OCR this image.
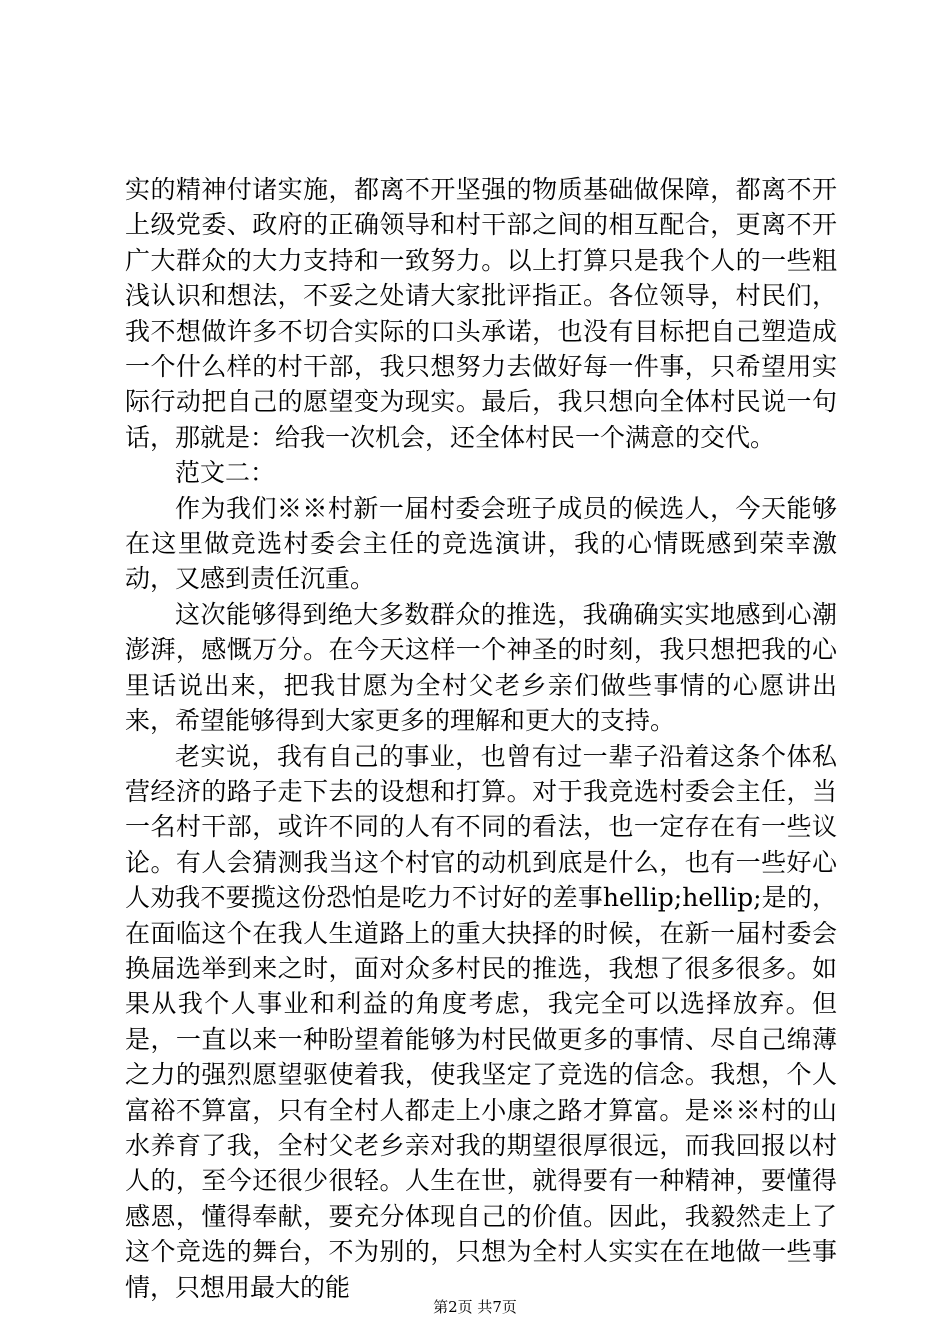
实的精神付诸实施，都离不开坚强的物质基础做保障，都离不开上级党委、政府的正确领导和村干部之间的相互配合，更离不开广大群众的大力支持和一致努力。以上打算只是我个人的一些粗浅认识和想法，不妥之处请大家批评指正。各位领导，村民们，我不想做许多不切合实际的口头承诺，也没有目标把自己塑造成一个什么样的村干部，我只想努力去做好每一件事，只希望用实际行动把自己的愿望变为现实。最后，我只想向全体村民说一句话，那就是：给我一次机会，还全体村民一个满意的交代。

范文二：

作为我们※※村新一届村委会班子成员的候选人，今天能够在这里做竞选村委会主任的竞选演讲，我的心情既感到荣幸激动，又感到责任沉重。

这次能够得到绝大多数群众的推选，我确确实实地感到心潮澎湃，感慨万分。在今天这样一个神圣的时刻，我只想把我的心里话说出来，把我甘愿为全村父老乡亲们做些事情的心愿讲出来，希望能够得到大家更多的理解和更大的支持。

老实说，我有自己的事业，也曾有过一辈子沿着这条个体私营经济的路子走下去的设想和打算。对于我竞选村委会主任，当一名村干部，或许不同的人有不同的看法，也一定存在有一些议论。有人会猜测我当这个村官的动机到底是什么，也有一些好心人劝我不要揽这份恐怕是吃力不讨好的差事hellip;hellip;是的，在面临这个在我人生道路上的重大抉择的时候，在新一届村委会换届选举到来之时，面对众多村民的推选，我想了很多很多。如果从我个人事业和利益的角度考虑，我完全可以选择放弃。但是，一直以来一种盼望着能够为村民做更多的事情、尽自己绵薄之力的强烈愿望驱使着我，使我坚定了竞选的信念。我想，个人富裕不算富，只有全村人都走上小康之路才算富。是※※村的山水养育了我，全村父老乡亲对我的期望很厚很远，而我回报以村人的，至今还很少很轻。人生在世，就得要有一种精神，要懂得感恩，懂得奉献，要充分体现自己的价值。因此，我毅然走上了这个竞选的舞台，不为别的，只想为全村人实实在在地做一些事情，只想用最大的能

第2页 共7页
